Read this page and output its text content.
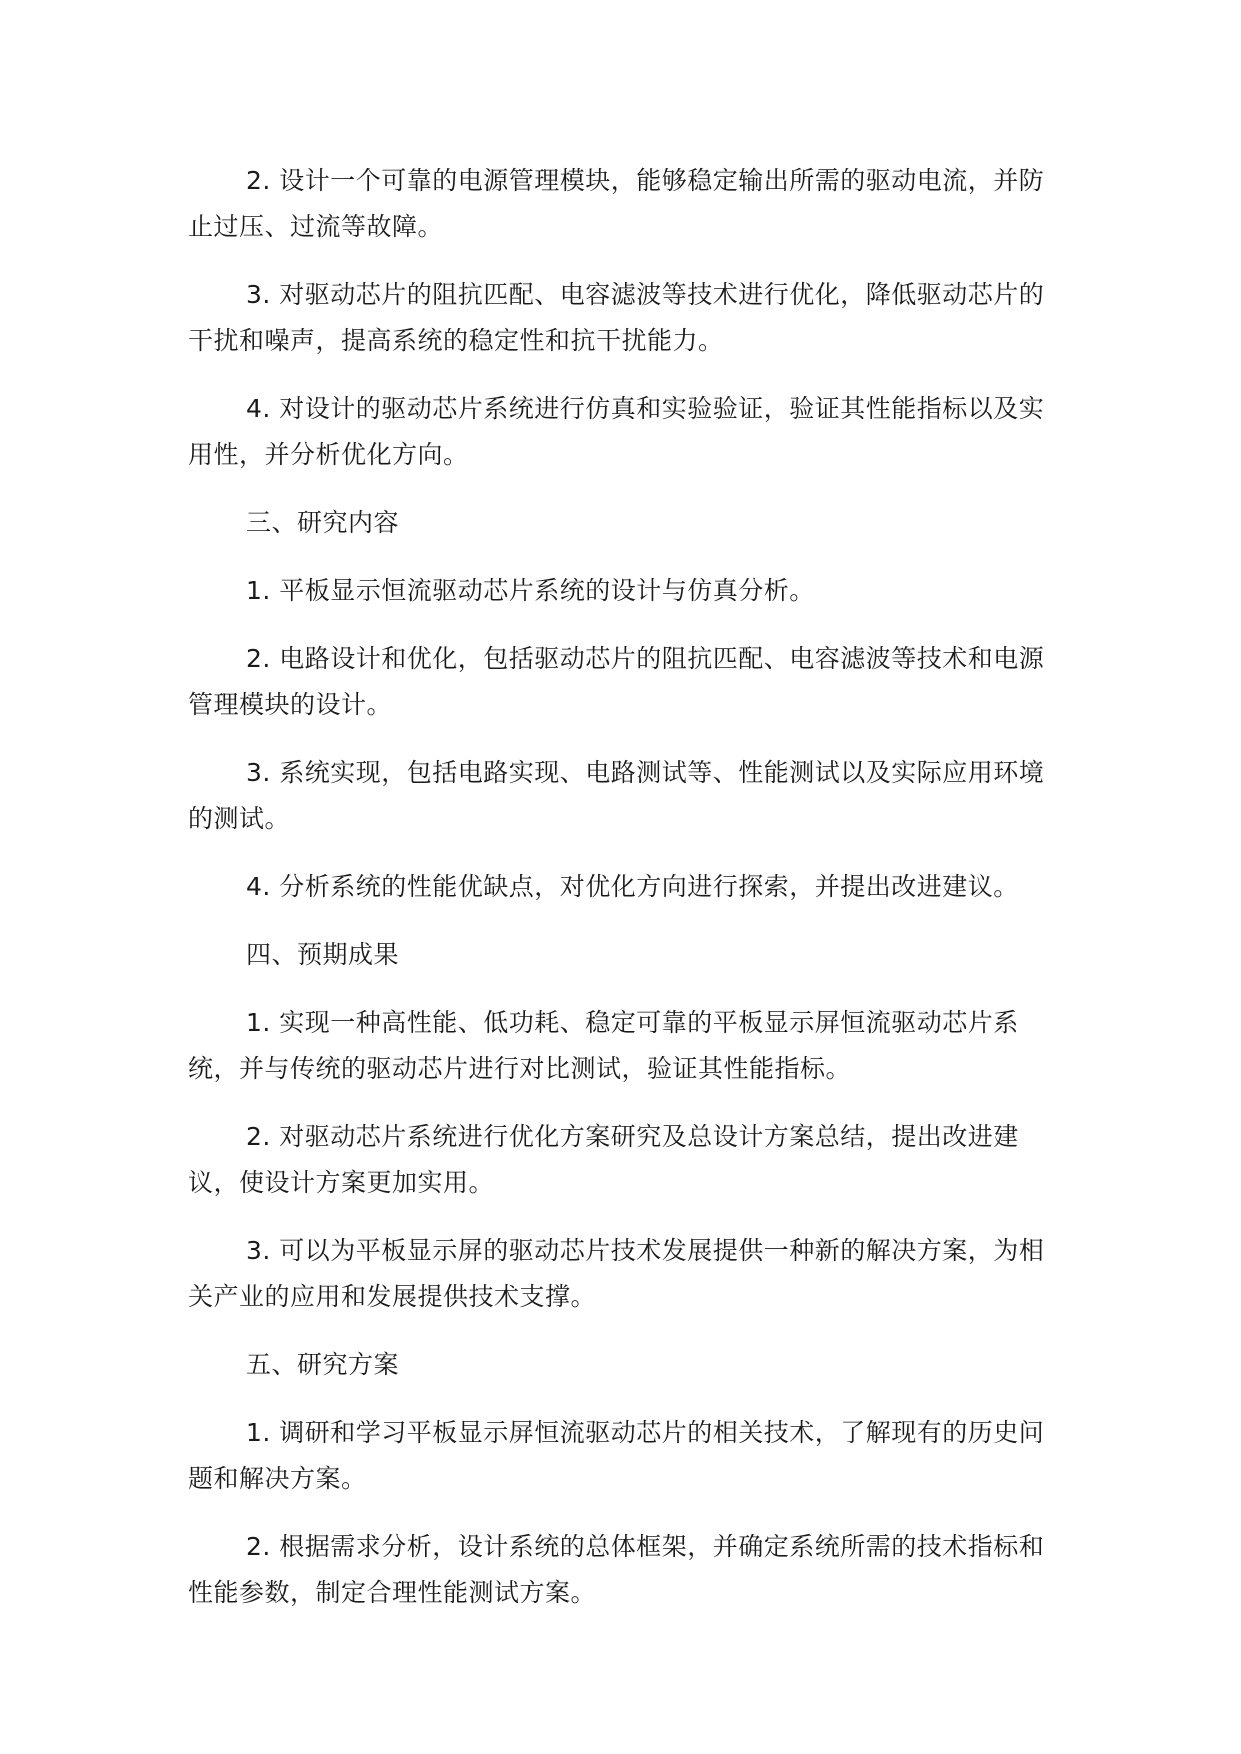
2. 设计一个可靠的电源管理模块，能够稳定输出所需的驱动电流，并防止过压、过流等故障。

3. 对驱动芯片的阻抗匹配、电容滤波等技术进行优化，降低驱动芯片的干扰和噪声，提高系统的稳定性和抗干扰能力。

4. 对设计的驱动芯片系统进行仿真和实验验证，验证其性能指标以及实用性，并分析优化方向。

三、研究内容

1. 平板显示恒流驱动芯片系统的设计与仿真分析。

2. 电路设计和优化，包括驱动芯片的阻抗匹配、电容滤波等技术和电源管理模块的设计。

3. 系统实现，包括电路实现、电路测试等、性能测试以及实际应用环境的测试。

4. 分析系统的性能优缺点，对优化方向进行探索，并提出改进建议。

四、预期成果

1. 实现一种高性能、低功耗、稳定可靠的平板显示屏恒流驱动芯片系统，并与传统的驱动芯片进行对比测试，验证其性能指标。

2. 对驱动芯片系统进行优化方案研究及总设计方案总结，提出改进建议，使设计方案更加实用。

3. 可以为平板显示屏的驱动芯片技术发展提供一种新的解决方案，为相关产业的应用和发展提供技术支撑。

五、研究方案

1. 调研和学习平板显示屏恒流驱动芯片的相关技术，了解现有的历史问题和解决方案。

2. 根据需求分析，设计系统的总体框架，并确定系统所需的技术指标和性能参数，制定合理性能测试方案。
